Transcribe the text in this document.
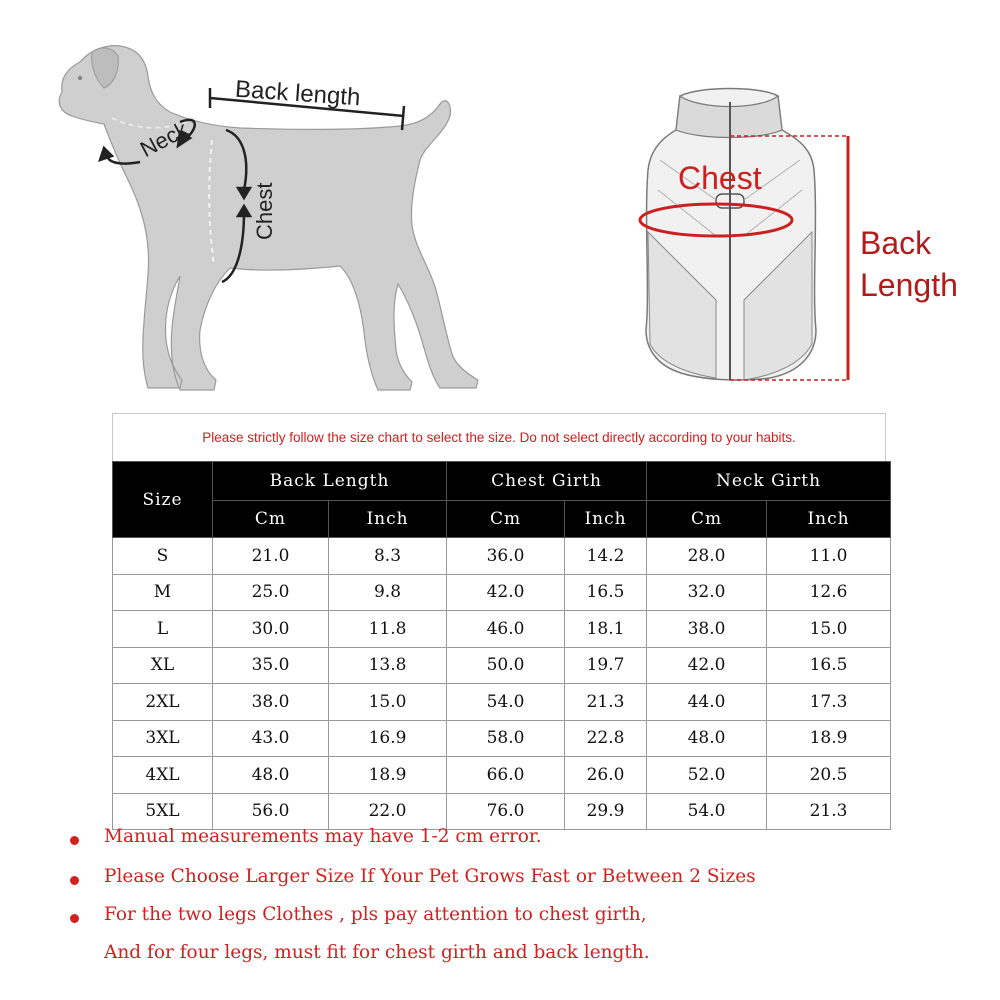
Back length
Neck
Chest
Chest
Back
Length
Please strictly follow the size chart to select the size. Do not select directly according to your habits.
Size	Back Length		Chest Girth		Neck Girth	
	Cm	Inch	Cm	Inch	Cm	Inch
S	21.0	8.3	36.0	14.2	28.0	11.0
M	25.0	9.8	42.0	16.5	32.0	12.6
L	30.0	11.8	46.0	18.1	38.0	15.0
XL	35.0	13.8	50.0	19.7	42.0	16.5
2XL	38.0	15.0	54.0	21.3	44.0	17.3
3XL	43.0	16.9	58.0	22.8	48.0	18.9
4XL	48.0	18.9	66.0	26.0	52.0	20.5
5XL	56.0	22.0	76.0	29.9	54.0	21.3
Manual measurements may have 1-2 cm error.
Please Choose Larger Size If Your Pet Grows Fast or Between 2 Sizes
For the two legs Clothes , pls pay attention to chest girth,
And for four legs, must fit for chest girth and back length.
